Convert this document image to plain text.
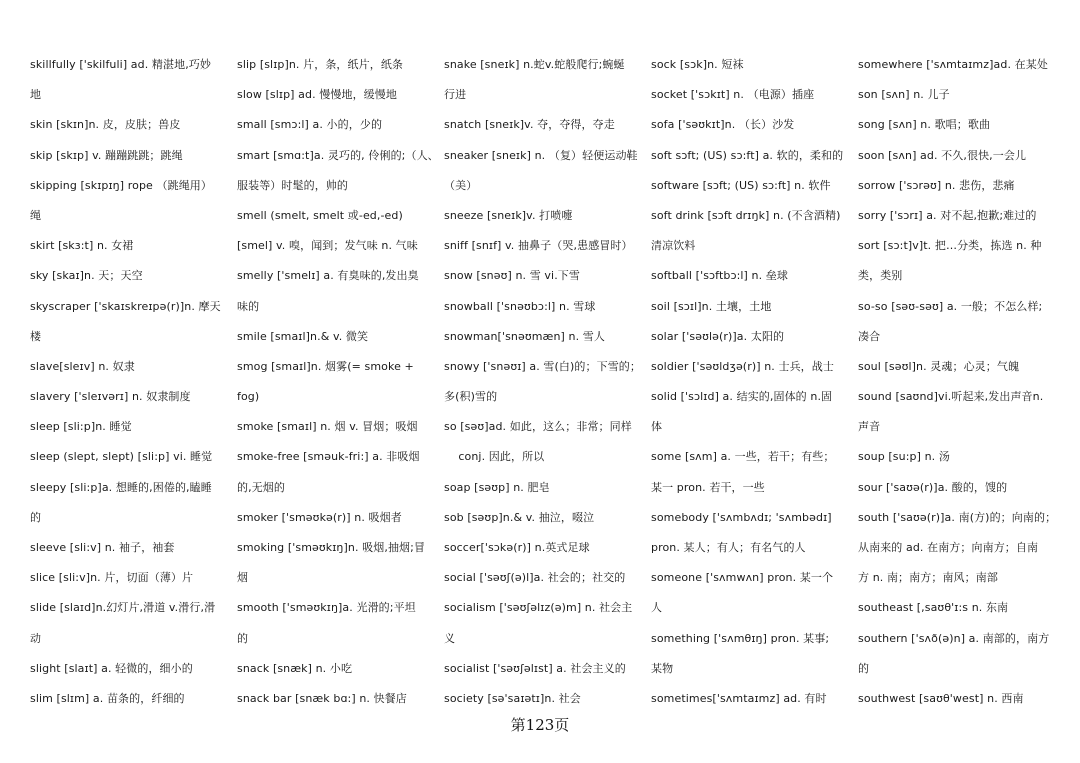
skillfully ['skilfuli] ad. 精湛地,巧妙
地
skin [skɪn]n. 皮，皮肤；兽皮
skip [skɪp] v. 蹦蹦跳跳；跳绳
skipping [skɪpɪŋ] rope （跳绳用）
绳
skirt [skɜ:t] n. 女裙
sky [skaɪ]n. 天；天空
skyscraper ['skaɪskreɪpə(r)]n. 摩天
楼
slave[sleɪv] n. 奴隶
slavery ['sleɪvərɪ] n. 奴隶制度
sleep [sli:p]n. 睡觉
sleep (slept, slept) [sli:p] vi. 睡觉
sleepy [sli:p]a. 想睡的,困倦的,瞌睡
的
sleeve [sli:v] n. 袖子，袖套
slice [sli:v]n. 片，切面（薄）片
slide [slaɪd]n.幻灯片,滑道 v.滑行,滑
动
slight [slaɪt] a. 轻微的，细小的
slim [slɪm] a. 苗条的，纤细的
slip [slɪp]n. 片，条，纸片，纸条
slow [slɪp] ad. 慢慢地，缓慢地
small [smɔ:l] a. 小的，少的
smart [smɑ:t]a. 灵巧的, 伶俐的;（人、
服装等）时髦的，帅的
smell (smelt, smelt 或-ed,-ed)
[smel] v. 嗅，闻到；发气味 n. 气味
smelly ['smelɪ] a. 有臭味的,发出臭
味的
smile [smaɪl]n.& v. 微笑
smog [smaɪl]n. 烟雾(= smoke +
fog)
smoke [smaɪl] n. 烟 v. 冒烟；吸烟
smoke-free [sməuk-fri:] a. 非吸烟
的,无烟的
smoker ['sməʊkə(r)] n. 吸烟者
smoking ['sməʊkɪŋ]n. 吸烟,抽烟;冒
烟
smooth ['sməʊkɪŋ]a. 光滑的;平坦
的
snack [snæk] n. 小吃
snack bar [snæk bɑ:] n. 快餐店
snake [sneɪk] n.蛇v.蛇般爬行;蜿蜒
行进
snatch [sneɪk]v. 夺，夺得，夺走
sneaker [sneɪk] n. （复）轻便运动鞋
（美）
sneeze [sneɪk]v. 打喷嚏
sniff [snɪf] v. 抽鼻子（哭,患感冒时）
snow [snəʊ] n. 雪 vi.下雪
snowball ['snəʊbɔ:l] n. 雪球
snowman['snəʊmæn] n. 雪人
snowy ['snəʊɪ] a. 雪(白)的；下雪的；
多(积)雪的
so [səʊ]ad. 如此，这么；非常；同样
conj. 因此，所以
soap [səʊp] n. 肥皂
sob [səʊp]n.& v. 抽泣，啜泣
soccer['sɔkə(r)] n.英式足球
social ['səʊʃ(ə)l]a. 社会的；社交的
socialism ['səʊʃəlɪz(ə)m] n. 社会主
义
socialist ['səʊʃəlɪst] a. 社会主义的
society [sə'saɪətɪ]n. 社会
sock [sɔk]n. 短袜
socket ['sɔkɪt] n. （电源）插座
sofa ['səʊkɪt]n. （长）沙发
soft sɔft; (US) sɔ:ft] a. 软的，柔和的
software [sɔft; (US) sɔ:ft] n. 软件
soft drink [sɔft drɪŋk] n. (不含酒精)
清凉饮料
softball ['sɔftbɔ:l] n. 垒球
soil [sɔɪl]n. 土壤，土地
solar ['səʊlə(r)]a. 太阳的
soldier ['səʊldʒə(r)] n. 士兵，战士
solid ['sɔlɪd] a. 结实的,固体的 n.固
体
some [sʌm] a. 一些，若干；有些；
某一 pron. 若干，一些
somebody ['sʌmbʌdɪ; 'sʌmbədɪ]
pron. 某人；有人；有名气的人
someone ['sʌmwʌn] pron. 某一个
人
something ['sʌmθɪŋ] pron. 某事;
某物
sometimes['sʌmtaɪmz] ad. 有时
somewhere ['sʌmtaɪmz]ad. 在某处
son [sʌn] n. 儿子
song [sʌn] n. 歌唱；歌曲
soon [sʌn] ad. 不久,很快,一会儿
sorrow ['sɔrəʊ] n. 悲伤，悲痛
sorry ['sɔrɪ] a. 对不起,抱歉;难过的
sort [sɔ:t]v]t. 把…分类，拣选 n. 种
类，类别
so-so [səʊ-səʊ] a. 一般；不怎么样;
凑合
soul [səʊl]n. 灵魂；心灵；气魄
sound [saʊnd]vi.听起来,发出声音n.
声音
soup [su:p] n. 汤
sour ['saʊə(r)]a. 酸的，馊的
south ['saʊə(r)]a. 南(方)的；向南的；
从南来的 ad. 在南方；向南方；自南
方 n. 南；南方；南风；南部
southeast [,saʊθ'ɪ:s n. 东南
southern ['sʌð(ə)n] a. 南部的，南方
的
southwest [saʊθ'west] n. 西南
第123页
